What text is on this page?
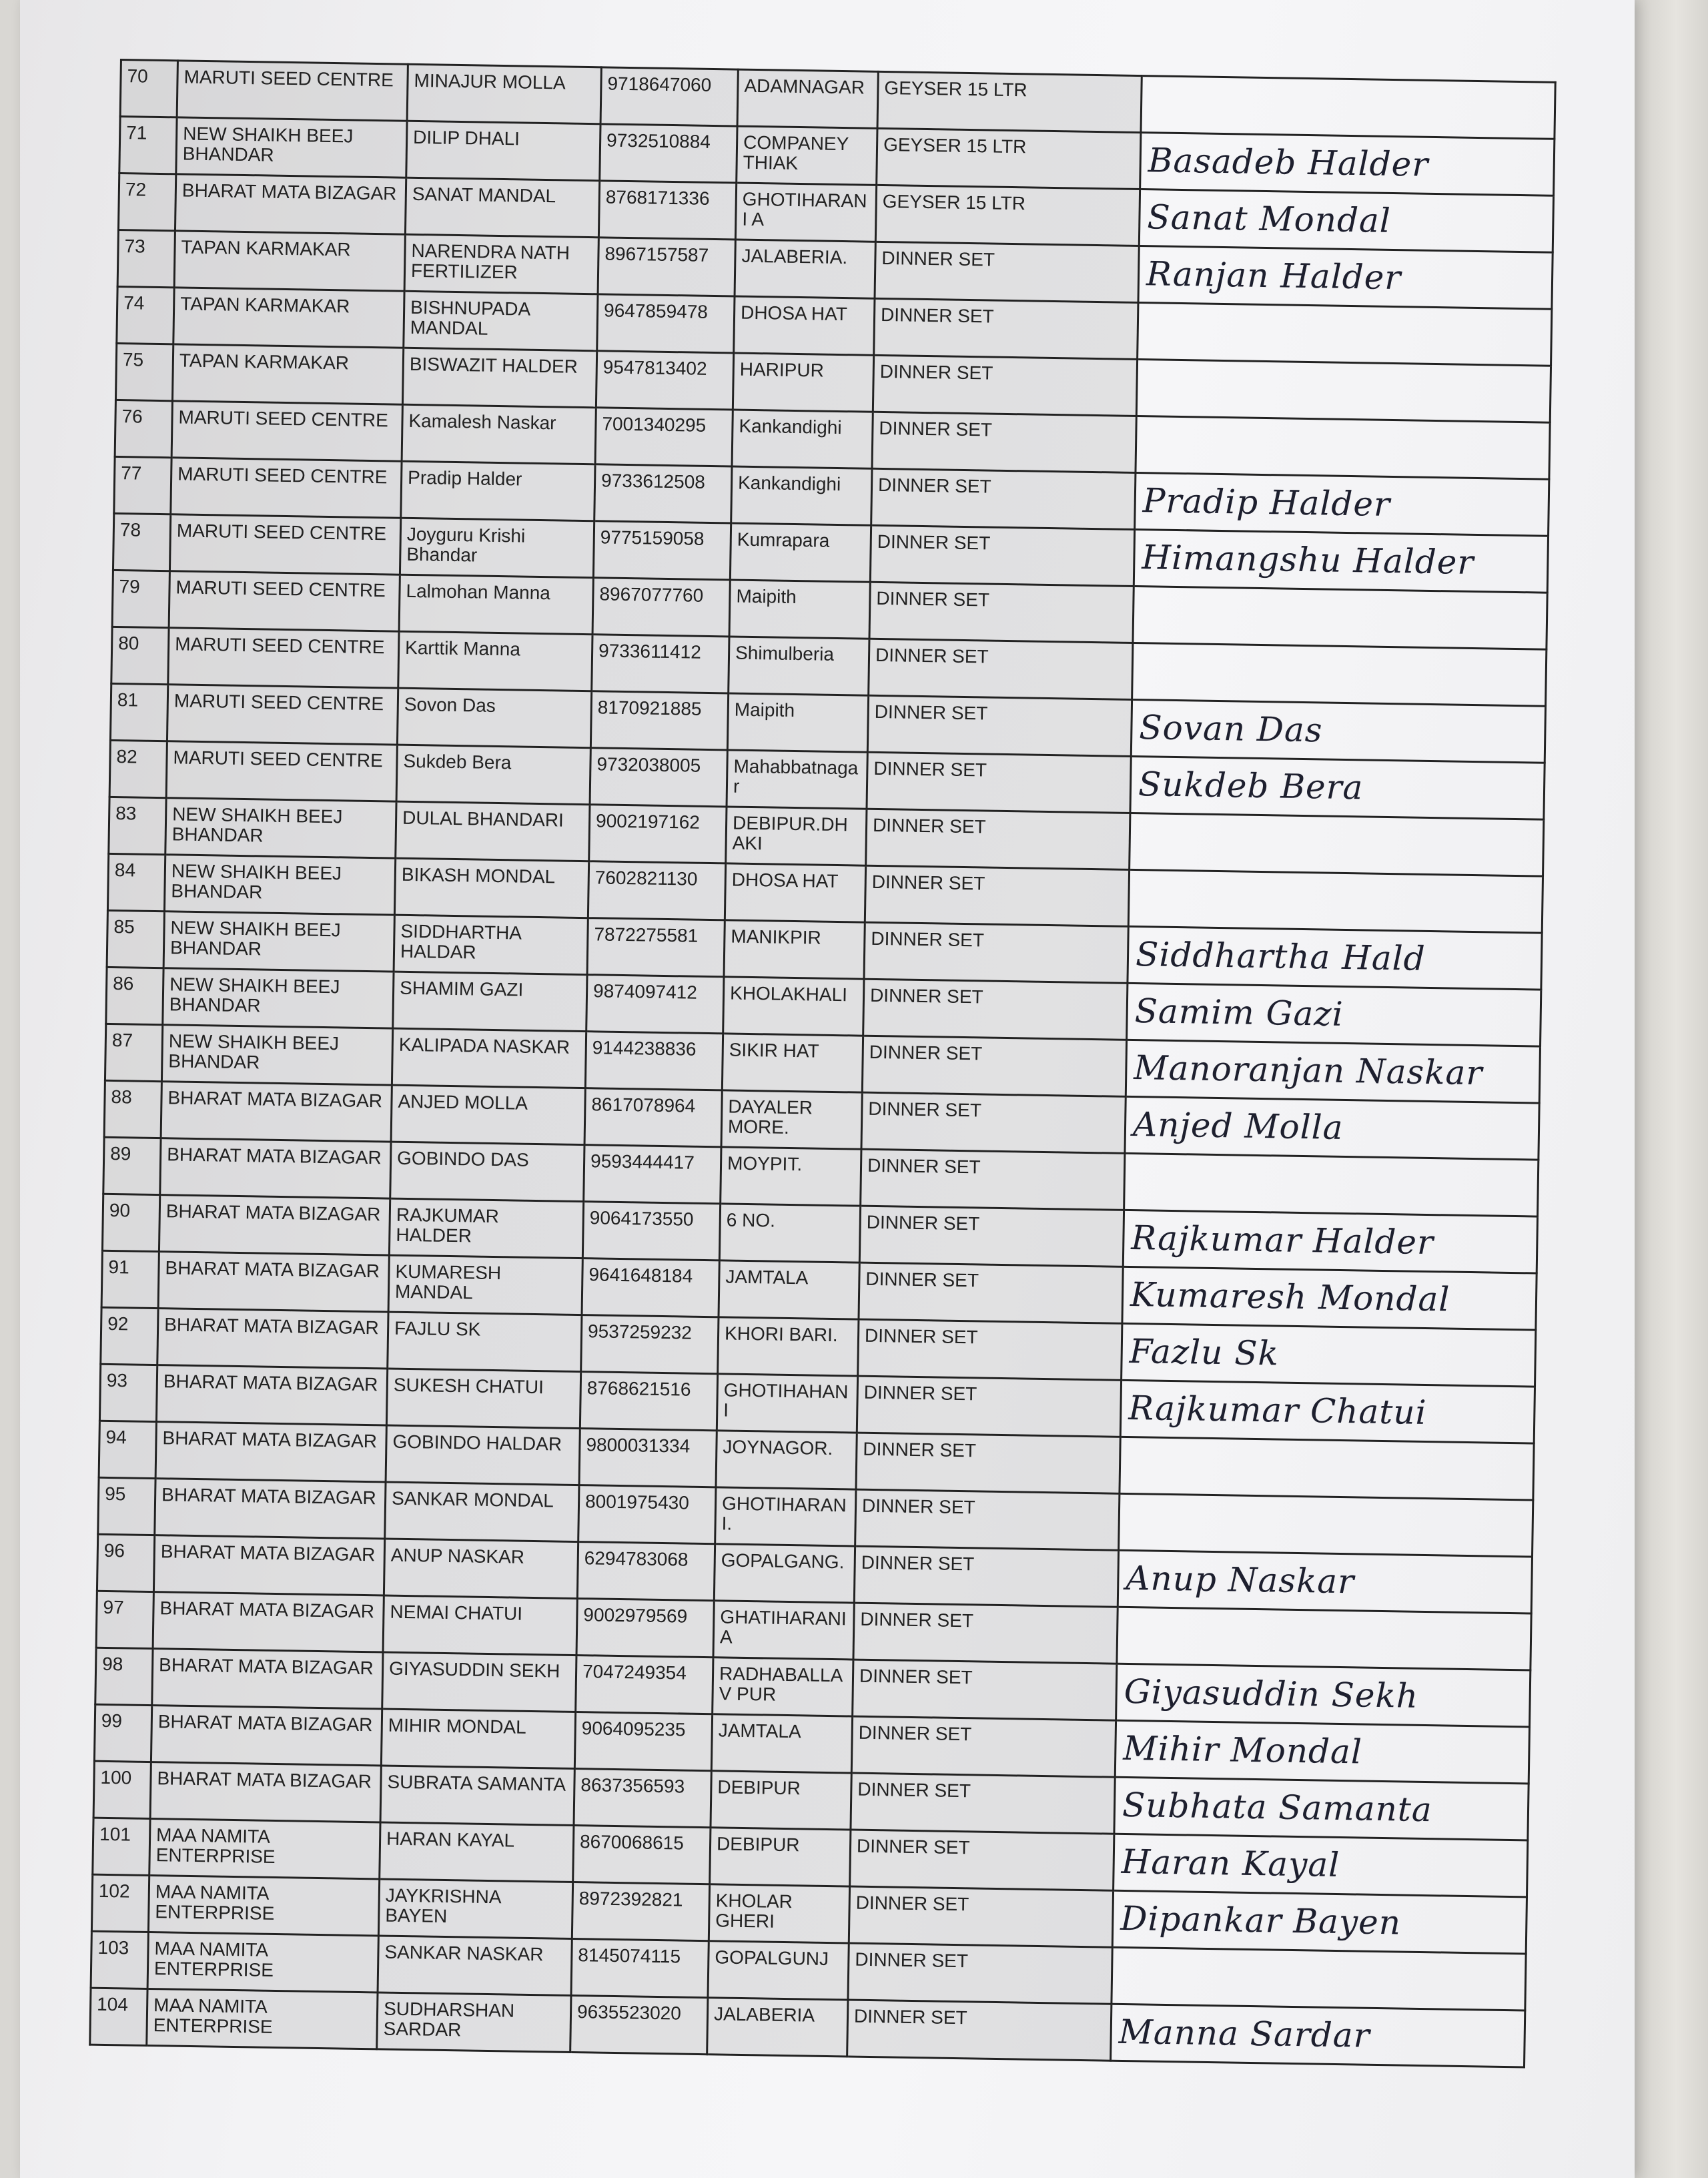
70	MARUTI SEED CENTRE	MINAJUR MOLLA	9718647060	ADAMNAGAR	GEYSER 15 LTR	

71	NEW SHAIKH BEEJ BHANDAR	DILIP DHALI	9732510884	COMPANEY THIAK	GEYSER 15 LTR	Basadeb Halder

72	BHARAT MATA BIZAGAR	SANAT MANDAL	8768171336	GHOTIHARANI A	GEYSER 15 LTR	Sanat Mondal

73	TAPAN KARMAKAR	NARENDRA NATH FERTILIZER	8967157587	JALABERIA.	DINNER SET	Ranjan Halder

74	TAPAN KARMAKAR	BISHNUPADA MANDAL	9647859478	DHOSA HAT	DINNER SET	

75	TAPAN KARMAKAR	BISWAZIT HALDER	9547813402	HARIPUR	DINNER SET	

76	MARUTI SEED CENTRE	Kamalesh Naskar	7001340295	Kankandighi	DINNER SET	

77	MARUTI SEED CENTRE	Pradip Halder	9733612508	Kankandighi	DINNER SET	Pradip Halder

78	MARUTI SEED CENTRE	Joyguru Krishi Bhandar	9775159058	Kumrapara	DINNER SET	Himangshu Halder

79	MARUTI SEED CENTRE	Lalmohan Manna	8967077760	Maipith	DINNER SET	

80	MARUTI SEED CENTRE	Karttik Manna	9733611412	Shimulberia	DINNER SET	

81	MARUTI SEED CENTRE	Sovon Das	8170921885	Maipith	DINNER SET	Sovan Das

82	MARUTI SEED CENTRE	Sukdeb Bera	9732038005	Mahabbatnagar	DINNER SET	Sukdeb Bera

83	NEW SHAIKH BEEJ BHANDAR	DULAL BHANDARI	9002197162	DEBIPUR.DHAKI	DINNER SET	

84	NEW SHAIKH BEEJ BHANDAR	BIKASH MONDAL	7602821130	DHOSA HAT	DINNER SET	

85	NEW SHAIKH BEEJ BHANDAR	SIDDHARTHA HALDAR	7872275581	MANIKPIR	DINNER SET	Siddhartha Hald

86	NEW SHAIKH BEEJ BHANDAR	SHAMIM GAZI	9874097412	KHOLAKHALI	DINNER SET	Samim Gazi

87	NEW SHAIKH BEEJ BHANDAR	KALIPADA NASKAR	9144238836	SIKIR HAT	DINNER SET	Manoranjan Naskar

88	BHARAT MATA BIZAGAR	ANJED MOLLA	8617078964	DAYALER MORE.	DINNER SET	Anjed Molla

89	BHARAT MATA BIZAGAR	GOBINDO DAS	9593444417	MOYPIT.	DINNER SET	

90	BHARAT MATA BIZAGAR	RAJKUMAR HALDER	9064173550	6 NO.	DINNER SET	Rajkumar Halder

91	BHARAT MATA BIZAGAR	KUMARESH MANDAL	9641648184	JAMTALA	DINNER SET	Kumaresh Mondal

92	BHARAT MATA BIZAGAR	FAJLU SK	9537259232	KHORI BARI.	DINNER SET	Fazlu Sk

93	BHARAT MATA BIZAGAR	SUKESH CHATUI	8768621516	GHOTIHAHANI	DINNER SET	Rajkumar Chatui

94	BHARAT MATA BIZAGAR	GOBINDO HALDAR	9800031334	JOYNAGOR.	DINNER SET	

95	BHARAT MATA BIZAGAR	SANKAR MONDAL	8001975430	GHOTIHARANI.	DINNER SET	

96	BHARAT MATA BIZAGAR	ANUP NASKAR	6294783068	GOPALGANG.	DINNER SET	Anup Naskar

97	BHARAT MATA BIZAGAR	NEMAI CHATUI	9002979569	GHATIHARANI A	DINNER SET	

98	BHARAT MATA BIZAGAR	GIYASUDDIN SEKH	7047249354	RADHABALLAV PUR	DINNER SET	Giyasuddin Sekh

99	BHARAT MATA BIZAGAR	MIHIR MONDAL	9064095235	JAMTALA	DINNER SET	Mihir Mondal

100	BHARAT MATA BIZAGAR	SUBRATA SAMANTA	8637356593	DEBIPUR	DINNER SET	Subhata Samanta

101	MAA NAMITA ENTERPRISE	HARAN KAYAL	8670068615	DEBIPUR	DINNER SET	Haran Kayal

102	MAA NAMITA ENTERPRISE	JAYKRISHNA BAYEN	8972392821	KHOLAR GHERI	DINNER SET	Dipankar Bayen

103	MAA NAMITA ENTERPRISE	SANKAR NASKAR	8145074115	GOPALGUNJ	DINNER SET	

104	MAA NAMITA ENTERPRISE	SUDHARSHAN SARDAR	9635523020	JALABERIA	DINNER SET	Manna Sardar
